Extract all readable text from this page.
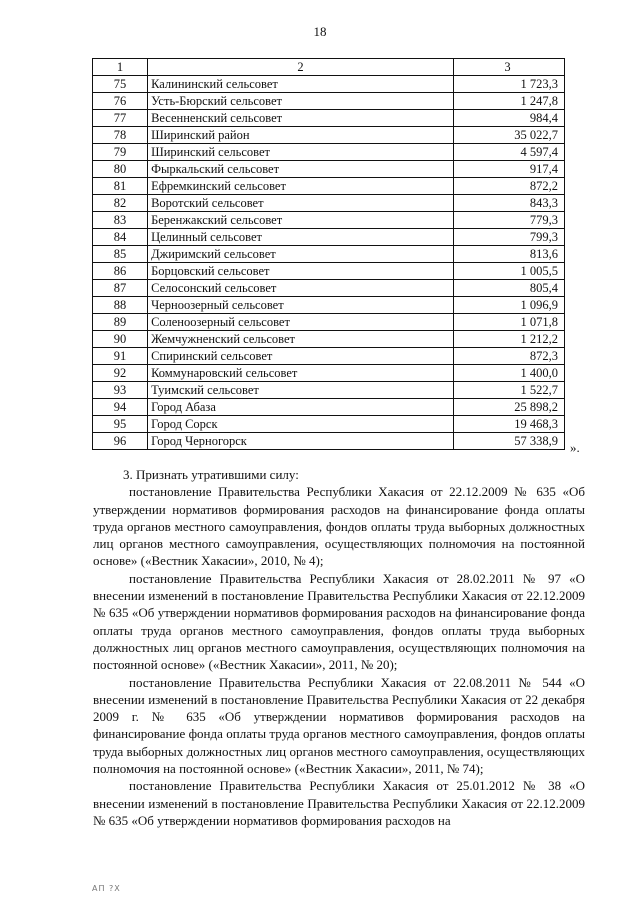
18
1	2	3
75	Калининский сельсовет	1 723,3
76	Усть-Бюрский сельсовет	1 247,8
77	Весенненский сельсовет	984,4
78	Ширинский район	35 022,7
79	Ширинский сельсовет	4 597,4
80	Фыркальский сельсовет	917,4
81	Ефремкинский сельсовет	872,2
82	Воротский сельсовет	843,3
83	Беренжакский сельсовет	779,3
84	Целинный сельсовет	799,3
85	Джиримский сельсовет	813,6
86	Борцовский сельсовет	1 005,5
87	Селосонский сельсовет	805,4
88	Черноозерный сельсовет	1 096,9
89	Соленоозерный сельсовет	1 071,8
90	Жемчужненский сельсовет	1 212,2
91	Спиринский сельсовет	872,3
92	Коммунаровский сельсовет	1 400,0
93	Туимский сельсовет	1 522,7
94	Город Абаза	25 898,2
95	Город Сорск	19 468,3
96	Город Черногорск	57 338,9 ».

3. Признать утратившими силу:

постановление Правительства Республики Хакасия от 22.12.2009 № 635 «Об утверждении нормативов формирования расходов на финансирование фонда оплаты труда органов местного самоуправления, фондов оплаты труда выборных должностных лиц органов местного самоуправления, осуществляющих полномочия на постоянной основе» («Вестник Хакасии», 2010, № 4);

постановление Правительства Республики Хакасия от 28.02.2011 № 97 «О внесении изменений в постановление Правительства Республики Хакасия от 22.12.2009 № 635 «Об утверждении нормативов формирования расходов на финансирование фонда оплаты труда органов местного самоуправления, фондов оплаты труда выборных должностных лиц органов местного самоуправления, осуществляющих полномочия на постоянной основе» («Вестник Хакасии», 2011, № 20);

постановление Правительства Республики Хакасия от 22.08.2011 № 544 «О внесении изменений в постановление Правительства Республики Хакасия от 22 декабря 2009 г. № 635 «Об утверждении нормативов формирования расходов на финансирование фонда оплаты труда органов местного самоуправления, фондов оплаты труда выборных должностных лиц органов местного самоуправления, осуществляющих полномочия на постоянной основе» («Вестник Хакасии», 2011, № 74);

постановление Правительства Республики Хакасия от 25.01.2012 № 38 «О внесении изменений в постановление Правительства Республики Хакасия от 22.12.2009 № 635 «Об утверждении нормативов формирования расходов на

АП ?Х
